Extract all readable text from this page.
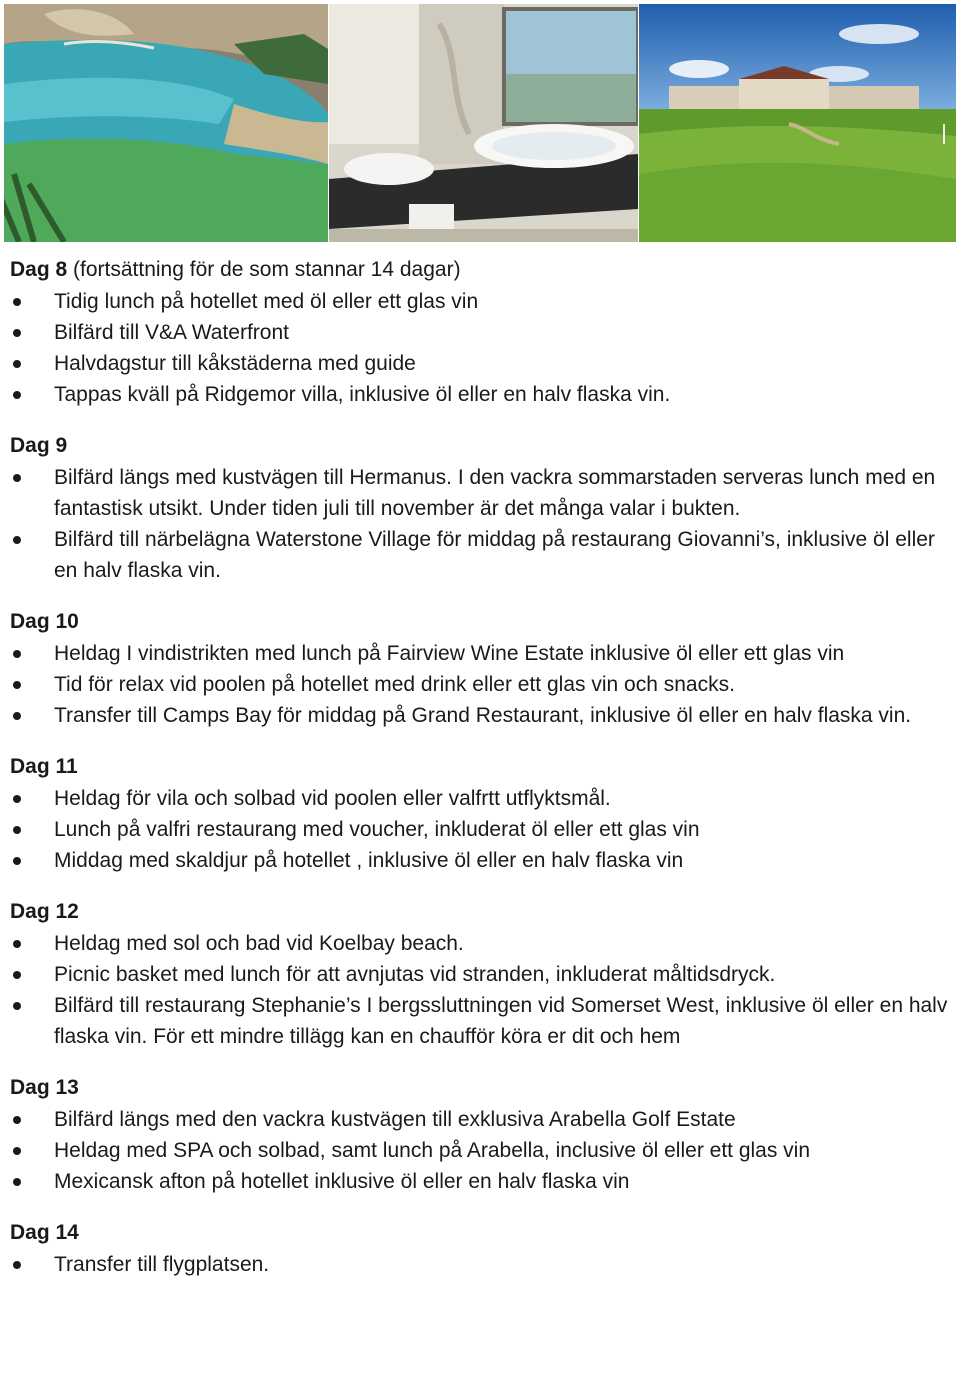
Dag 8 (fortsättning för de som stannar 14 dagar)
Tidig lunch på hotellet med öl eller ett glas vin
Bilfärd till V&A Waterfront
Halvdagstur till kåkstäderna med guide
Tappas kväll på Ridgemor villa, inklusive öl eller en halv flaska vin.
Dag 9
Bilfärd längs med kustvägen till Hermanus. I den vackra sommarstaden serveras lunch med en fantastisk utsikt. Under tiden juli till november är det många valar i bukten.
Bilfärd till närbelägna Waterstone Village för middag på restaurang Giovanni’s, inklusive öl eller en halv flaska vin.
Dag 10
Heldag I vindistrikten med lunch på Fairview Wine Estate inklusive öl eller ett glas vin
Tid för relax vid poolen på hotellet med drink eller ett glas vin och snacks.
Transfer till Camps Bay för middag på Grand Restaurant, inklusive öl eller en halv flaska vin.
Dag 11
Heldag för vila och solbad vid poolen eller valfrtt utflyktsmål.
Lunch på valfri restaurang med voucher, inkluderat öl eller ett glas vin
Middag med skaldjur på hotellet , inklusive öl eller en halv flaska vin
Dag 12
Heldag med sol och bad vid Koelbay beach.
Picnic basket med lunch för att avnjutas vid stranden, inkluderat måltidsdryck.
Bilfärd till restaurang Stephanie’s I bergssluttningen vid Somerset West, inklusive öl eller en halv flaska vin. För ett mindre tillägg kan en chaufför köra er dit och hem
Dag 13
Bilfärd längs med den vackra kustvägen till exklusiva Arabella Golf Estate
Heldag med SPA och solbad, samt lunch på Arabella, inclusive öl eller ett glas vin
Mexicansk afton på hotellet inklusive öl eller en halv flaska vin
Dag 14
Transfer till flygplatsen.
